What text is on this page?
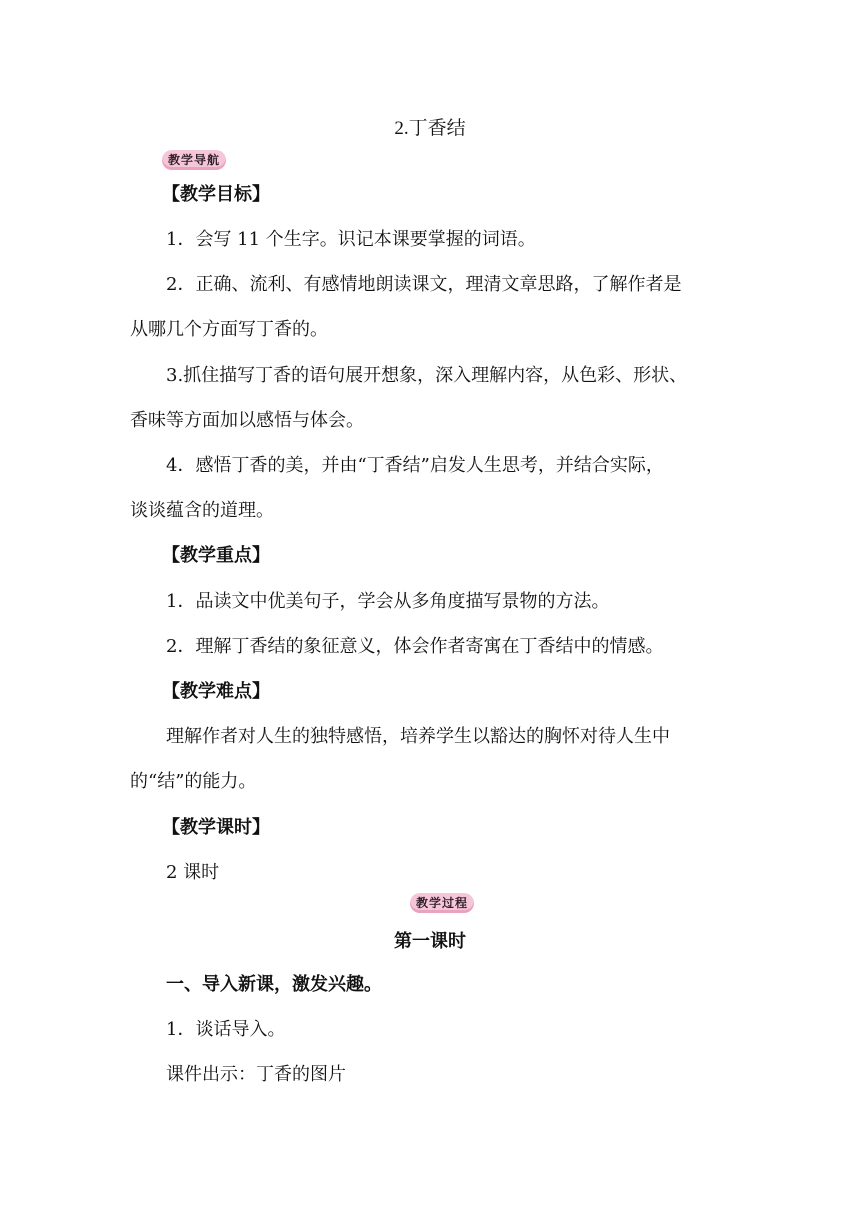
2.丁香结
教学导航
【教学目标】
1．会写 11 个生字。识记本课要掌握的词语。
2．正确、流利、有感情地朗读课文，理清文章思路，了解作者是
从哪几个方面写丁香的。
3.抓住描写丁香的语句展开想象，深入理解内容，从色彩、形状、
香味等方面加以感悟与体会。
4．感悟丁香的美，并由“丁香结”启发人生思考，并结合实际，
谈谈蕴含的道理。
【教学重点】
1．品读文中优美句子，学会从多角度描写景物的方法。
2．理解丁香结的象征意义，体会作者寄寓在丁香结中的情感。
【教学难点】
理解作者对人生的独特感悟，培养学生以豁达的胸怀对待人生中
的“结”的能力。
【教学课时】
2 课时
教学过程
第一课时
一、导入新课，激发兴趣。
1．谈话导入。
课件出示：丁香的图片
